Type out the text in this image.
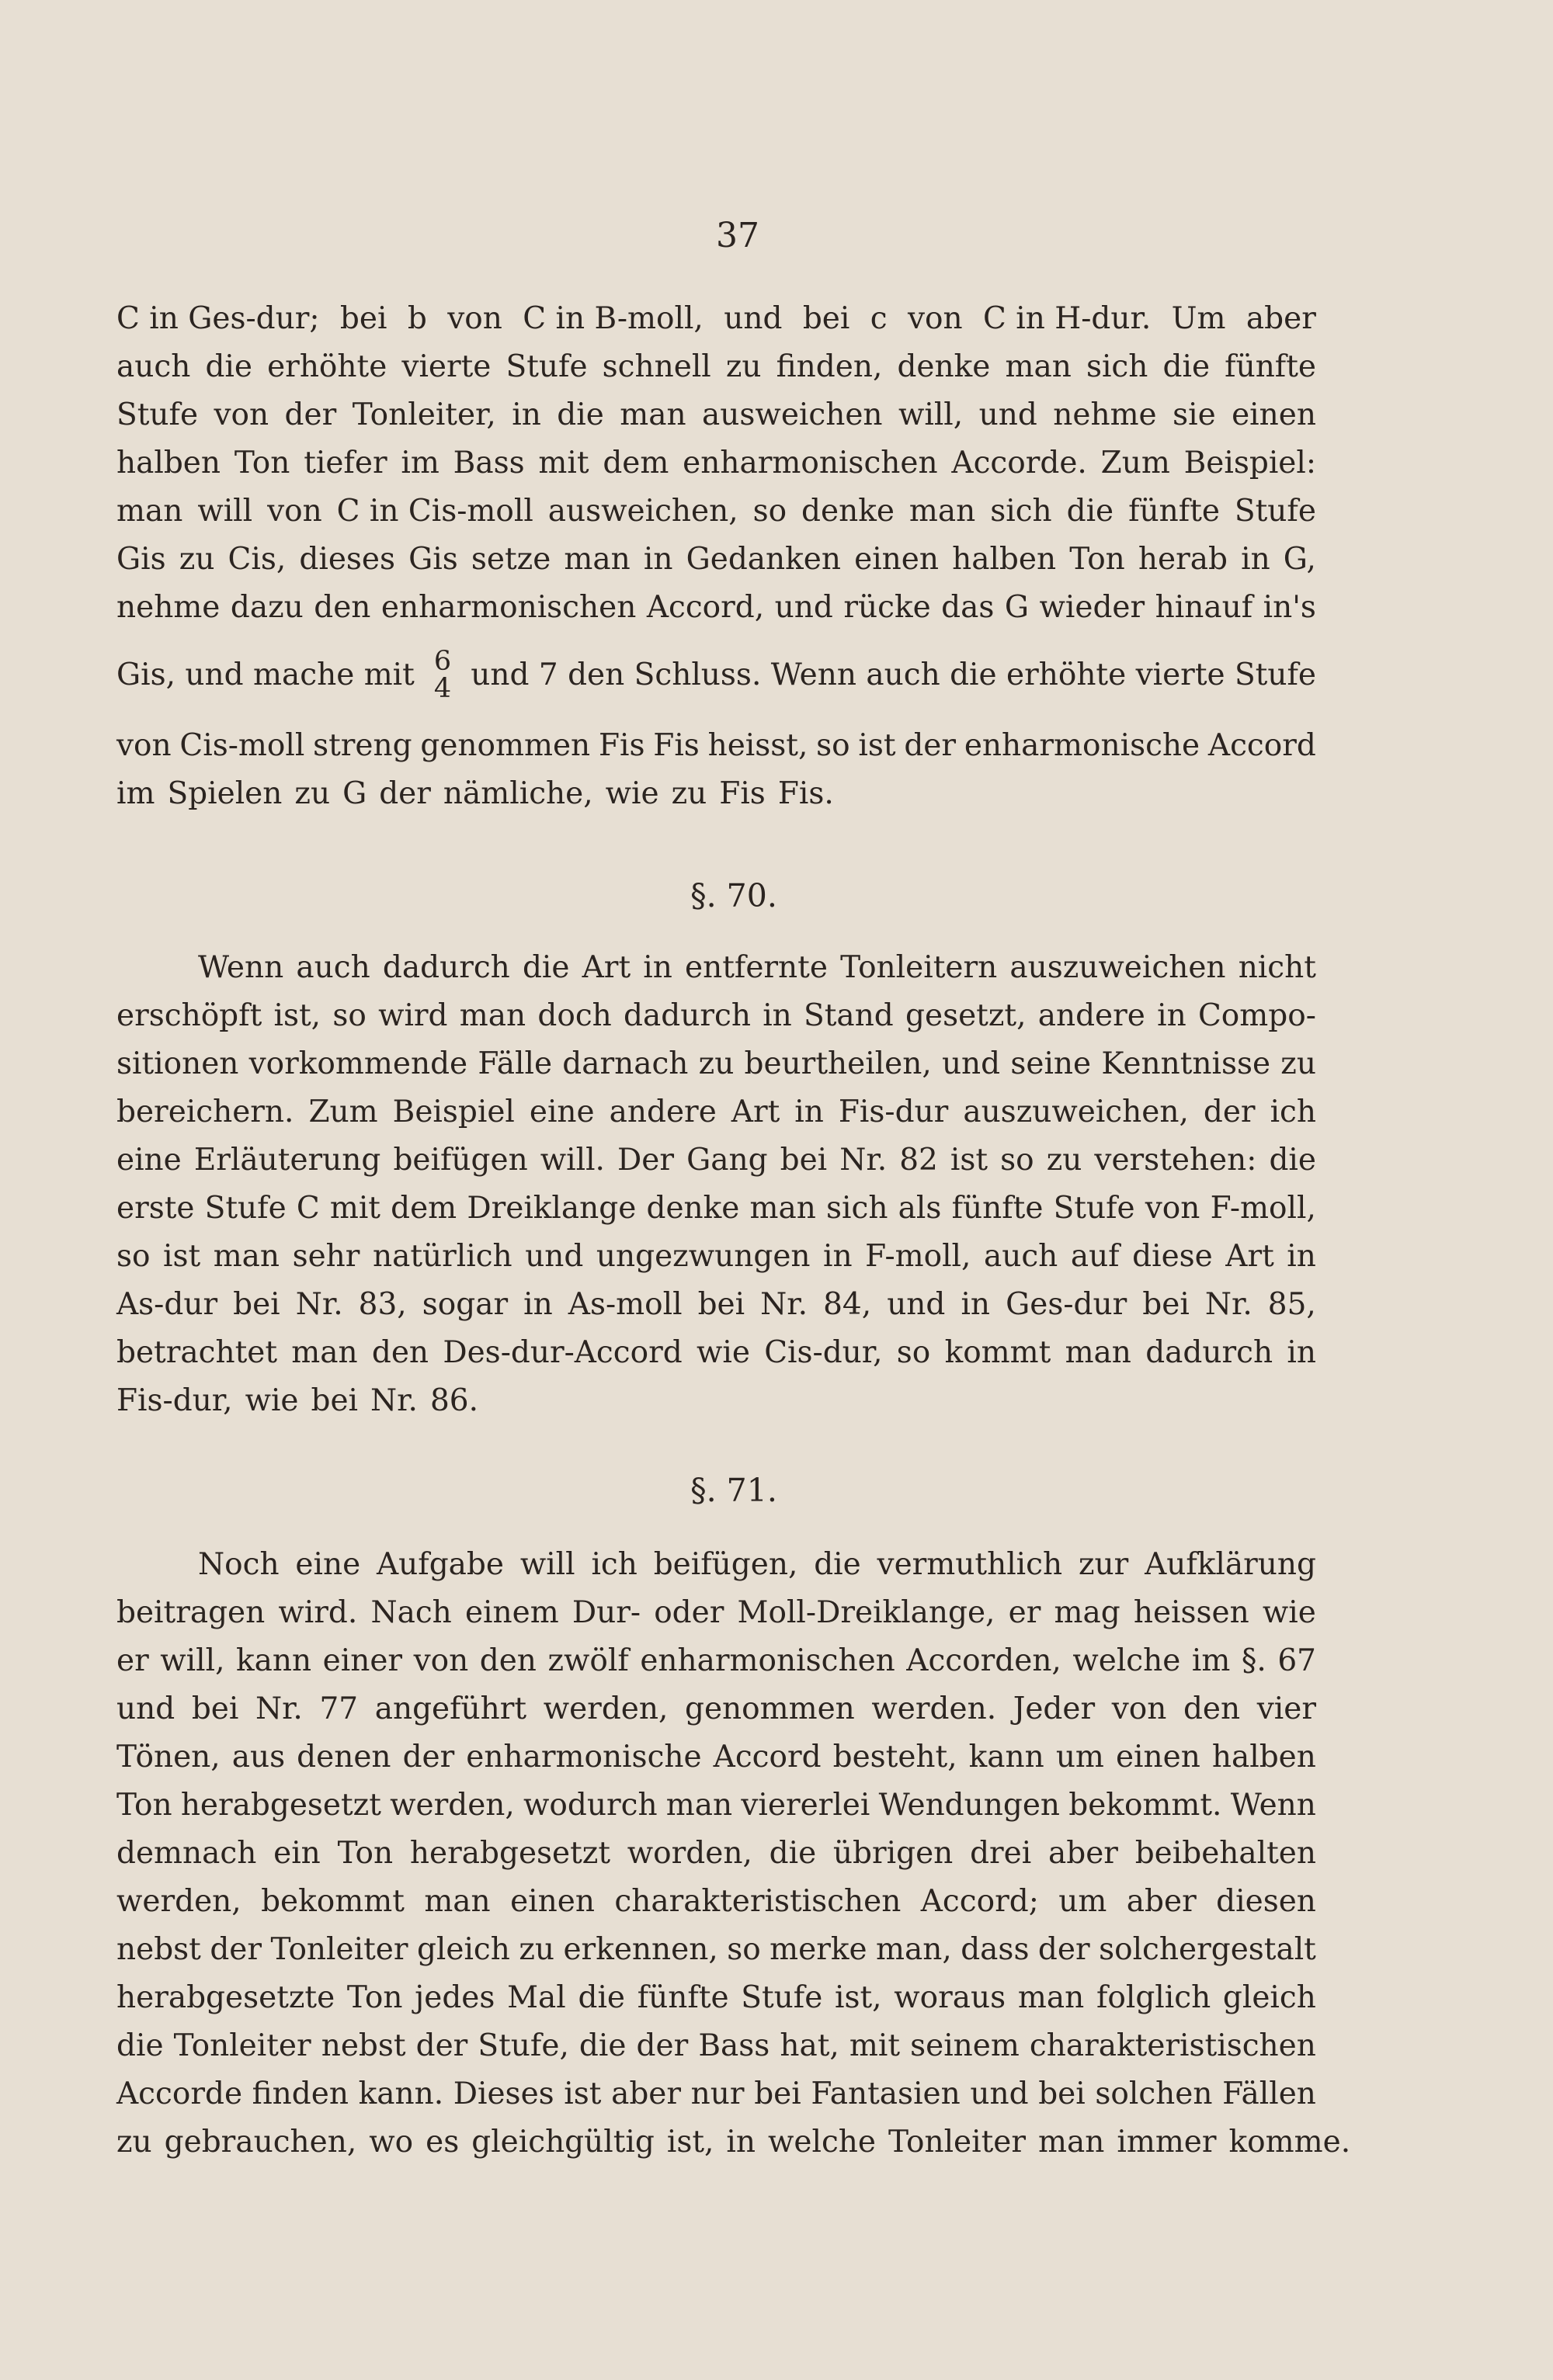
37
C in Ges-dur; bei b von C in B-moll, und bei c von C in H-dur. Um aber
auch die erhöhte vierte Stufe schnell zu finden, denke man sich die fünfte
Stufe von der Tonleiter, in die man ausweichen will, und nehme sie einen
halben Ton tiefer im Bass mit dem enharmonischen Accorde. Zum Beispiel:
man will von C in Cis-moll ausweichen, so denke man sich die fünfte Stufe
Gis zu Cis, dieses Gis setze man in Gedanken einen halben Ton herab in G,
nehme dazu den enharmonischen Accord, und rücke das G wieder hinauf in's
Gis, und mache mit 6
4 und 7 den Schluss. Wenn auch die erhöhte vierte Stufe
von Cis-moll streng genommen Fis Fis heisst, so ist der enharmonische Accord
im Spielen zu G der nämliche, wie zu Fis Fis.
§. 70.
Wenn auch dadurch die Art in entfernte Tonleitern auszuweichen nicht
erschöpft ist, so wird man doch dadurch in Stand gesetzt, andere in Compo-
sitionen vorkommende Fälle darnach zu beurtheilen, und seine Kenntnisse zu
bereichern. Zum Beispiel eine andere Art in Fis-dur auszuweichen, der ich
eine Erläuterung beifügen will. Der Gang bei Nr. 82 ist so zu verstehen: die
erste Stufe C mit dem Dreiklange denke man sich als fünfte Stufe von F-moll,
so ist man sehr natürlich und ungezwungen in F-moll, auch auf diese Art in
As-dur bei Nr. 83, sogar in As-moll bei Nr. 84, und in Ges-dur bei Nr. 85,
betrachtet man den Des-dur-Accord wie Cis-dur, so kommt man dadurch in
Fis-dur, wie bei Nr. 86.
§. 71.
Noch eine Aufgabe will ich beifügen, die vermuthlich zur Aufklärung
beitragen wird. Nach einem Dur- oder Moll-Dreiklange, er mag heissen wie
er will, kann einer von den zwölf enharmonischen Accorden, welche im §. 67
und bei Nr. 77 angeführt werden, genommen werden. Jeder von den vier
Tönen, aus denen der enharmonische Accord besteht, kann um einen halben
Ton herabgesetzt werden, wodurch man viererlei Wendungen bekommt. Wenn
demnach ein Ton herabgesetzt worden, die übrigen drei aber beibehalten
werden, bekommt man einen charakteristischen Accord; um aber diesen
nebst der Tonleiter gleich zu erkennen, so merke man, dass der solchergestalt
herabgesetzte Ton jedes Mal die fünfte Stufe ist, woraus man folglich gleich
die Tonleiter nebst der Stufe, die der Bass hat, mit seinem charakteristischen
Accorde finden kann. Dieses ist aber nur bei Fantasien und bei solchen Fällen
zu gebrauchen, wo es gleichgültig ist, in welche Tonleiter man immer komme.
